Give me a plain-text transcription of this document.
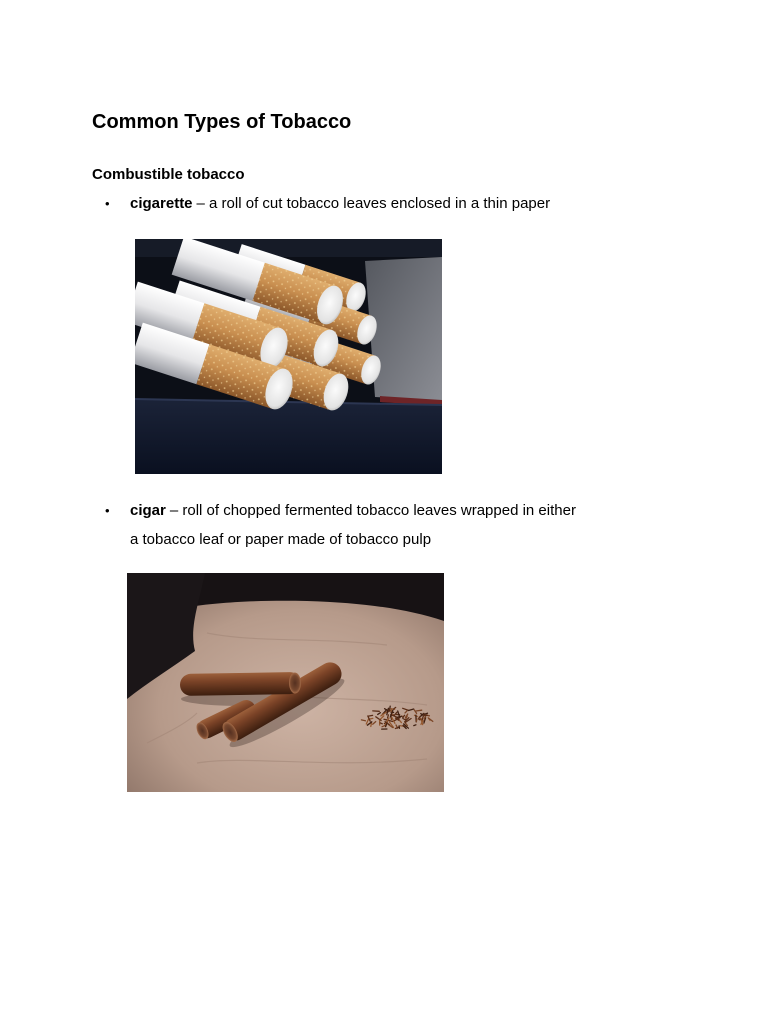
Common Types of Tobacco
Combustible tobacco
• cigarette – a roll of cut tobacco leaves enclosed in a thin paper
• cigar – roll of chopped fermented tobacco leaves wrapped in either
a tobacco leaf or paper made of tobacco pulp
